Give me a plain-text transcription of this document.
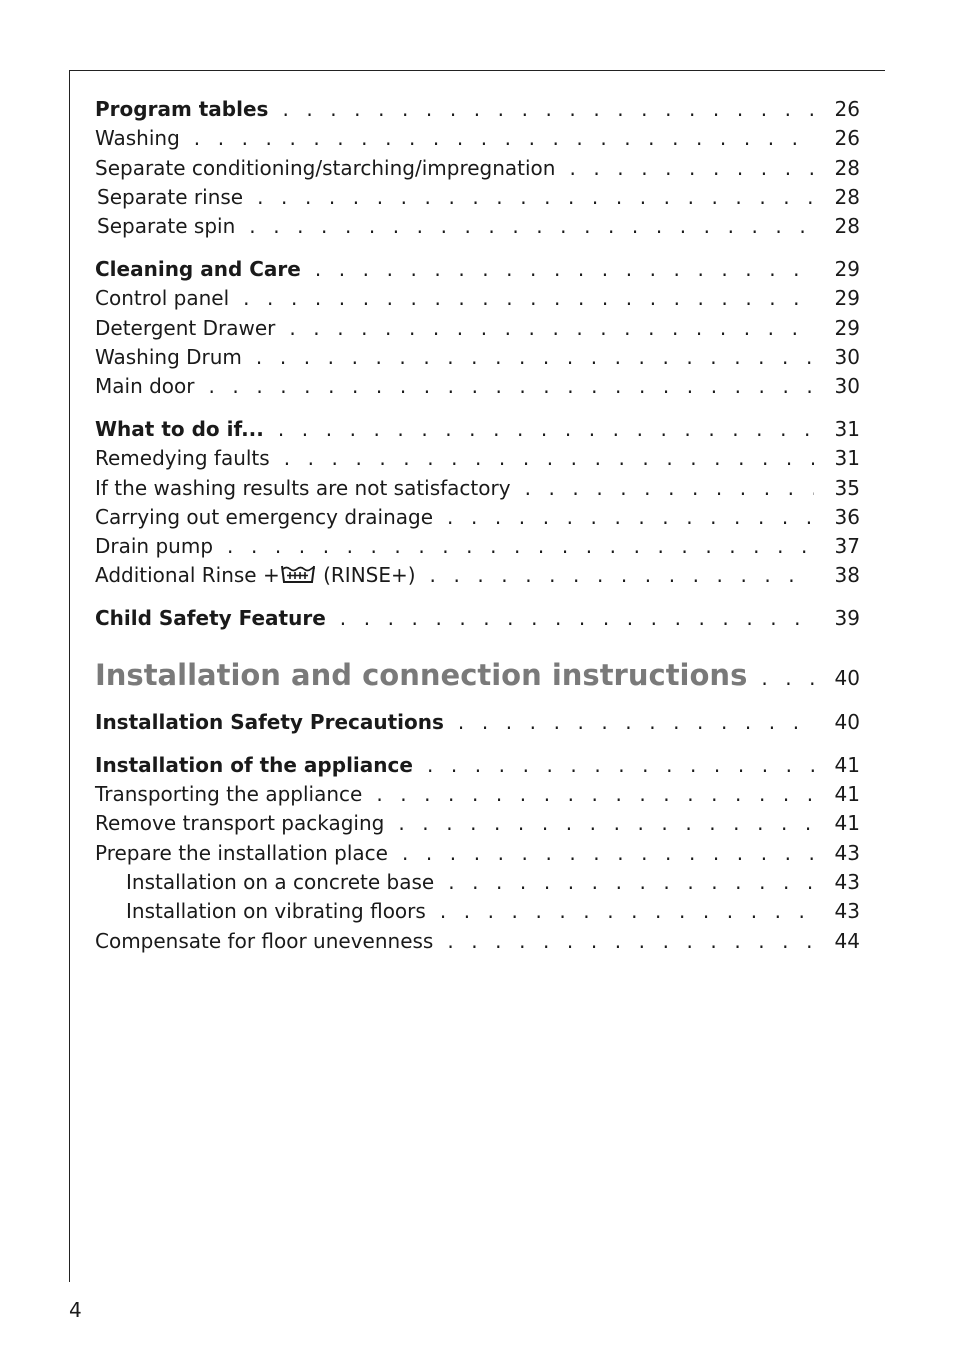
Program tables . . .	26
Washing . . .	26
Separate conditioning/starching/impregnation . . .	28
Separate rinse . . .	28
Separate spin . . .	28
Cleaning and Care . . .	29
Control panel . . .	29
Detergent Drawer . . .	29
Washing Drum . . .	30
Main door . . .	30
What to do if... . . .	31
Remedying faults . . .	31
If the washing results are not satisfactory . . .	35
Carrying out emergency drainage . . .	36
Drain pump . . .	37
Additional Rinse + (RINSE+) . . .	38
Child Safety Feature . . .	39
Installation and connection instructions . . .	40
Installation Safety Precautions . . .	40
Installation of the appliance . . .	41
Transporting the appliance . . .	41
Remove transport packaging . . .	41
Prepare the installation place . . .	43
Installation on a concrete base . . .	43
Installation on vibrating floors . . .	43
Compensate for floor unevenness . . .	44
4
